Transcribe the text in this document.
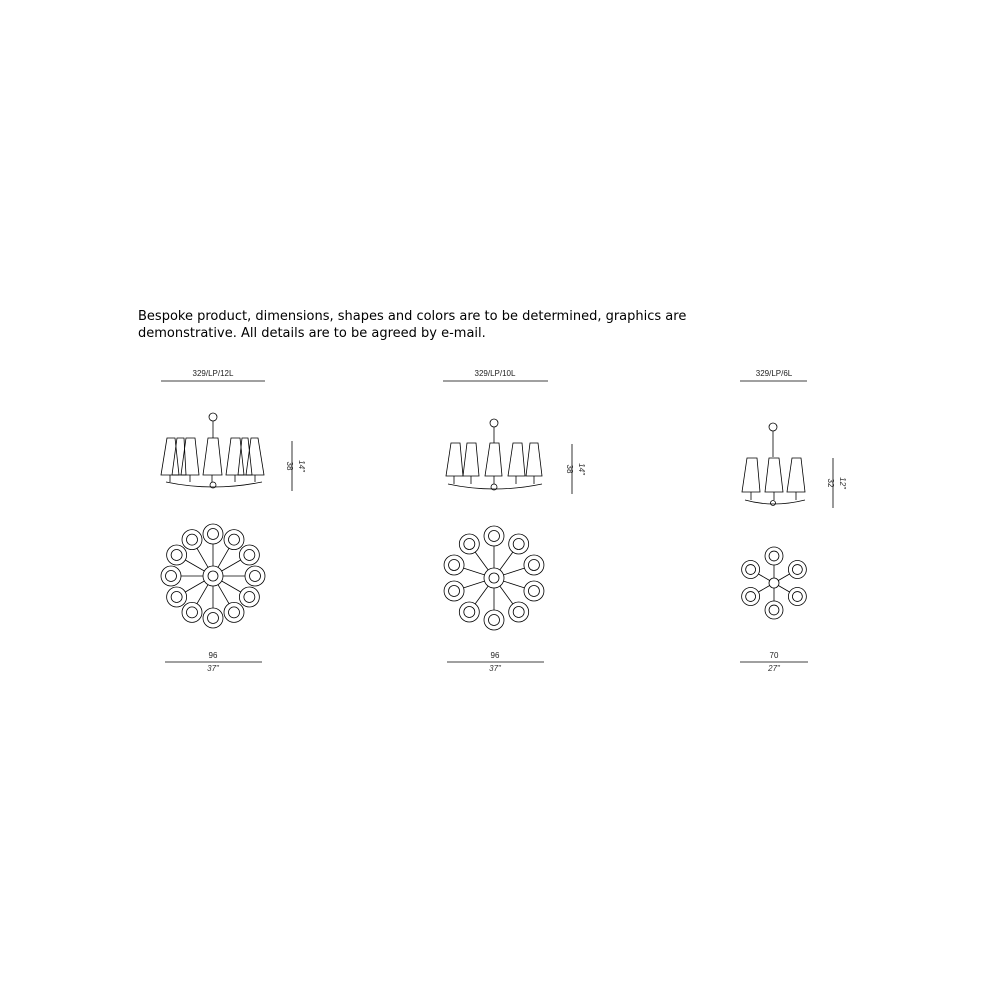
Bespoke product, dimensions, shapes and colors are to be determined, graphics are
demonstrative. All details are to be agreed by e-mail.

329/LP/12L
38 14"
96
37"
329/LP/10L
38 14"
96
37"
329/LP/6L
32 12"
70
27"
